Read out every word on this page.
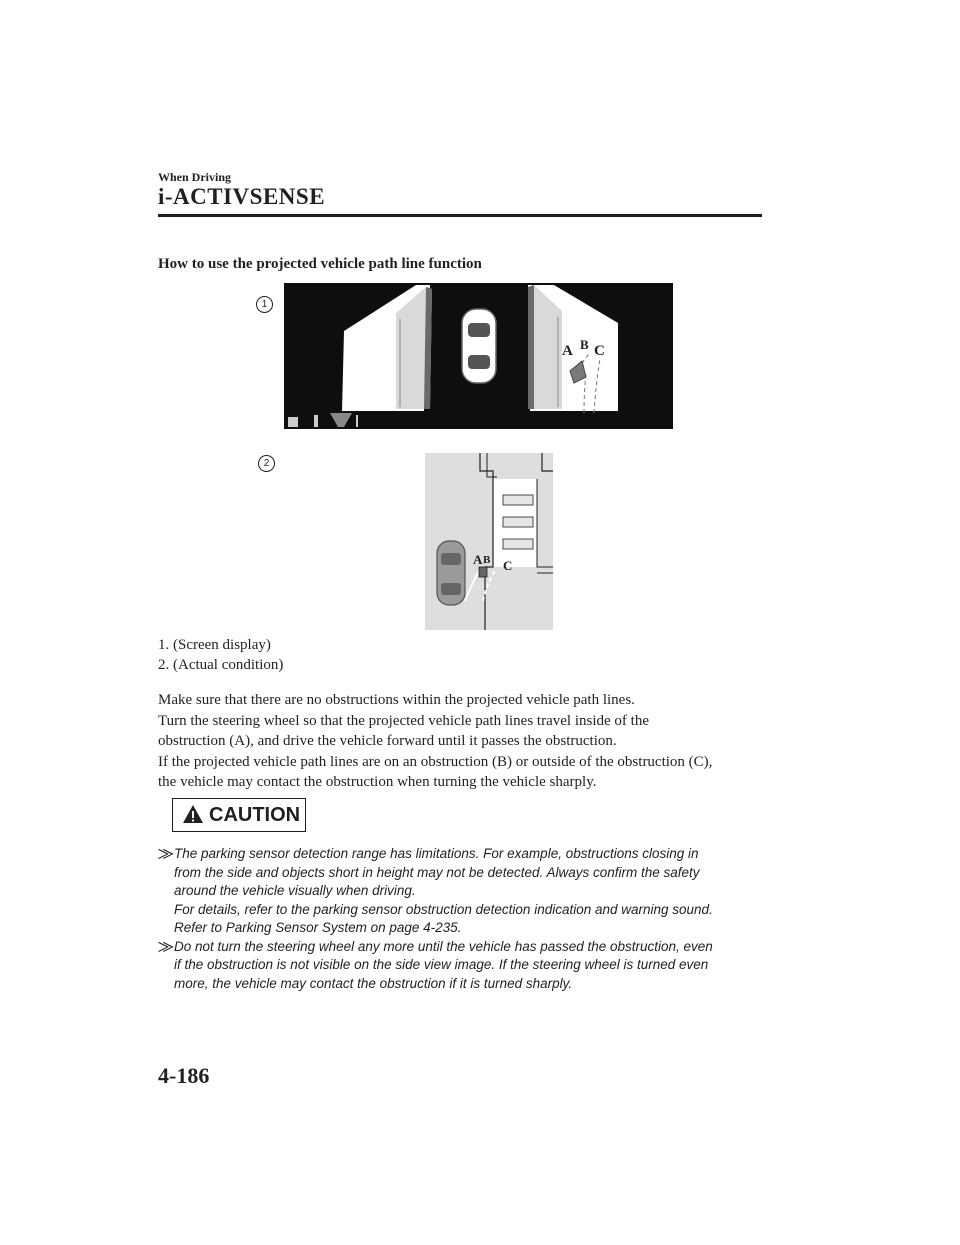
When Driving
i-ACTIVSENSE
How to use the projected vehicle path line function
1
A B C
2
A B C
1. (Screen display)
2. (Actual condition)

Make sure that there are no obstructions within the projected vehicle path lines.
Turn the steering wheel so that the projected vehicle path lines travel inside of the
obstruction (A), and drive the vehicle forward until it passes the obstruction.
If the projected vehicle path lines are on an obstruction (B) or outside of the obstruction (C),
the vehicle may contact the obstruction when turning the vehicle sharply.

CAUTION
⨠ The parking sensor detection range has limitations. For example, obstructions closing in
from the side and objects short in height may not be detected. Always confirm the safety
around the vehicle visually when driving.
For details, refer to the parking sensor obstruction detection indication and warning sound.
Refer to Parking Sensor System on page 4-235.
⨠ Do not turn the steering wheel any more until the vehicle has passed the obstruction, even
if the obstruction is not visible on the side view image. If the steering wheel is turned even
more, the vehicle may contact the obstruction if it is turned sharply.
4-186
